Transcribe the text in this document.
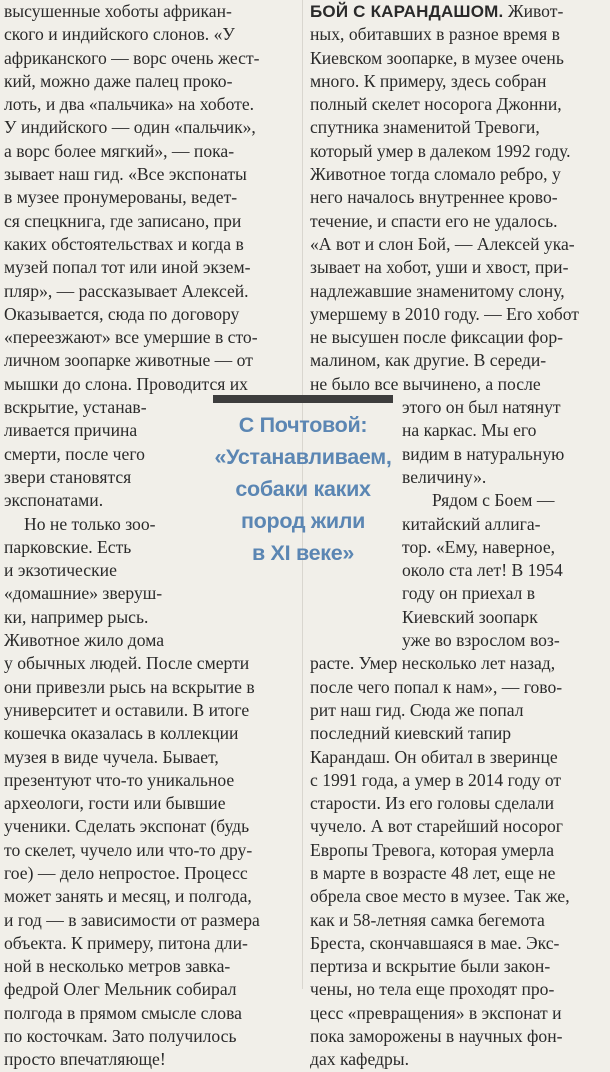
высушенные хоботы африкан-
ского и индийского слонов. «У
африканского — ворс очень жест-
кий, можно даже палец проко-
лоть, и два «пальчика» на хоботе.
У индийского — один «пальчик»,
а ворс более мягкий», — пока-
зывает наш гид. «Все экспонаты
в музее пронумерованы, ведет-
ся спецкнига, где записано, при
каких обстоятельствах и когда в
музей попал тот или иной экзем-
пляр», — рассказывает Алексей.
Оказывается, сюда по договору
«переезжают» все умершие в сто-
личном зоопарке животные — от
мышки до слона. Проводится их
вскрытие, устанав-
ливается причина
смерти, после чего
звери становятся
экспонатами.
Но не только зоо-
парковские. Есть
и экзотические
«домашние» зверуш-
ки, например рысь.
Животное жило дома
у обычных людей. После смерти
они привезли рысь на вскрытие в
университет и оставили. В итоге
кошечка оказалась в коллекции
музея в виде чучела. Бывает,
презентуют что-то уникальное
археологи, гости или бывшие
ученики. Сделать экспонат (будь
то скелет, чучело или что-то дру-
гое) — дело непростое. Процесс
может занять и месяц, и полгода,
и год — в зависимости от размера
объекта. К примеру, питона дли-
ной в несколько метров завка-
федрой Олег Мельник собирал
полгода в прямом смысле слова
по косточкам. Зато получилось
просто впечатляюще!
БОЙ С КАРАНДАШОМ. Живот-
ных, обитавших в разное время в
Киевском зоопарке, в музее очень
много. К примеру, здесь собран
полный скелет носорога Джонни,
спутника знаменитой Тревоги,
который умер в далеком 1992 году.
Животное тогда сломало ребро, у
него началось внутреннее крово-
течение, и спасти его не удалось.
«А вот и слон Бой, — Алексей ука-
зывает на хобот, уши и хвост, при-
надлежавшие знаменитому слону,
умершему в 2010 году. — Его хобот
не высушен после фиксации фор-
малином, как другие. В середи-
не было все вычинено, а после
этого он был натянут
на каркас. Мы его
видим в натуральную
величину».
Рядом с Боем —
китайский аллига-
тор. «Ему, наверное,
около ста лет! В 1954
году он приехал в
Киевский зоопарк
уже во взрослом воз-
расте. Умер несколько лет назад,
после чего попал к нам», — гово-
рит наш гид. Сюда же попал
последний киевский тапир
Карандаш. Он обитал в зверинце
с 1991 года, а умер в 2014 году от
старости. Из его головы сделали
чучело. А вот старейший носорог
Европы Тревога, которая умерла
в марте в возрасте 48 лет, еще не
обрела свое место в музее. Так же,
как и 58-летняя самка бегемота
Бреста, скончавшаяся в мае. Экс-
пертиза и вскрытие были закон-
чены, но тела еще проходят про-
цесс «превращения» в экспонат и
пока заморожены в научных фон-
дах кафедры.
С Почтовой:
«Устанавливаем,
собаки каких
пород жили
в XI веке»
